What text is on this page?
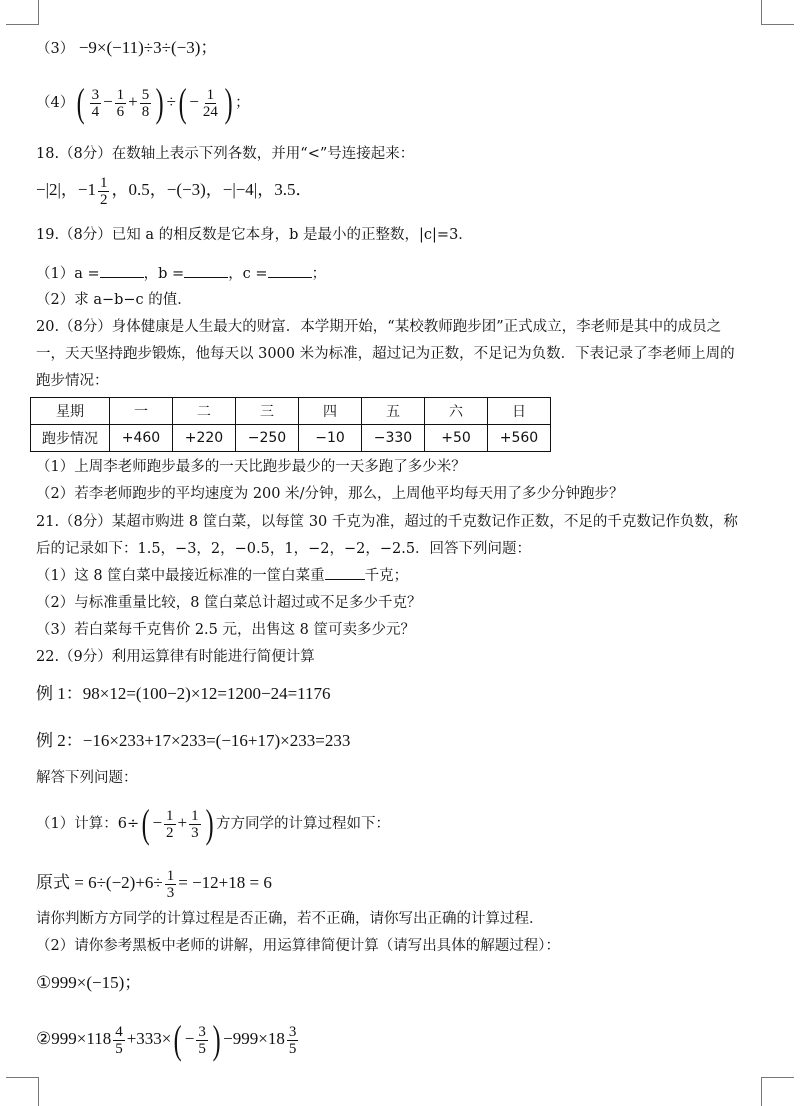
（3） −9×(−11)÷3÷(−3)；
$(4)( \frac{3}{4} - \frac{1}{6} + \frac{5}{8}$ ) ÷( − $\frac{1}{24}$ ) ；
18.（8分）在数轴上表示下列各数，并用“<”号连接起来：
−|2|，$-1 \frac{1}{2}$ ，0.5，−(−3)，−|−4|，3.5．
19.（8分）已知 a 的相反数是它本身，b 是最小的正整数，|c|=3．
（1）a =	，b =	，c =	；
（2）求 a−b−c 的值．
20.（8分）身体健康是人生最大的财富．本学期开始，“某校教师跑步团”正式成立，李老师是其中的成员之
一，天天坚持跑步锻炼，他每天以 3000 米为标准，超过记为正数，不足记为负数．下表记录了李老师上周的
跑步情况：
星期	一	二	三	四	五	六	日
跑步情况	+460	+220	−250	−10	−330	+50	+560
（1）上周李老师跑步最多的一天比跑步最少的一天多跑了多少米？
（2）若李老师跑步的平均速度为 200 米/分钟，那么，上周他平均每天用了多少分钟跑步？
21.（8分）某超市购进 8 筐白菜，以每筐 30 千克为准，超过的千克数记作正数，不足的千克数记作负数，称
后的记录如下：1.5，−3，2，−0.5，1，−2，−2，−2.5．回答下列问题：
（1）这 8 筐白菜中最接近标准的一筐白菜重	千克；
（2）与标准重量比较，8 筐白菜总计超过或不足多少千克？
（3）若白菜每千克售价 2.5 元，出售这 8 筐可卖多少元？
22.（9分）利用运算律有时能进行简便计算
例 1：98×12=(100−2)×12=1200−24=1176
例 2：−16×233+17×233=(−16+17)×233=233
解答下列问题：
（1）计算：$6\div( - \frac{1}{2} + \frac{1}{3}$ ) 方方同学的计算过程如下：
原式 = $6\div(-2)+6\div \frac{1}{3} = -12+18 = 6$
请你判断方方同学的计算过程是否正确，若不正确，请你写出正确的计算过程．
（2）请你参考黑板中老师的讲解，用运算律简便计算（请写出具体的解题过程）：
①999×(−15)；
②999×118 $\frac{4}{5} +333\times( - \frac{3}{5}$ ) $-999\times 18 \frac{3}{5}$
